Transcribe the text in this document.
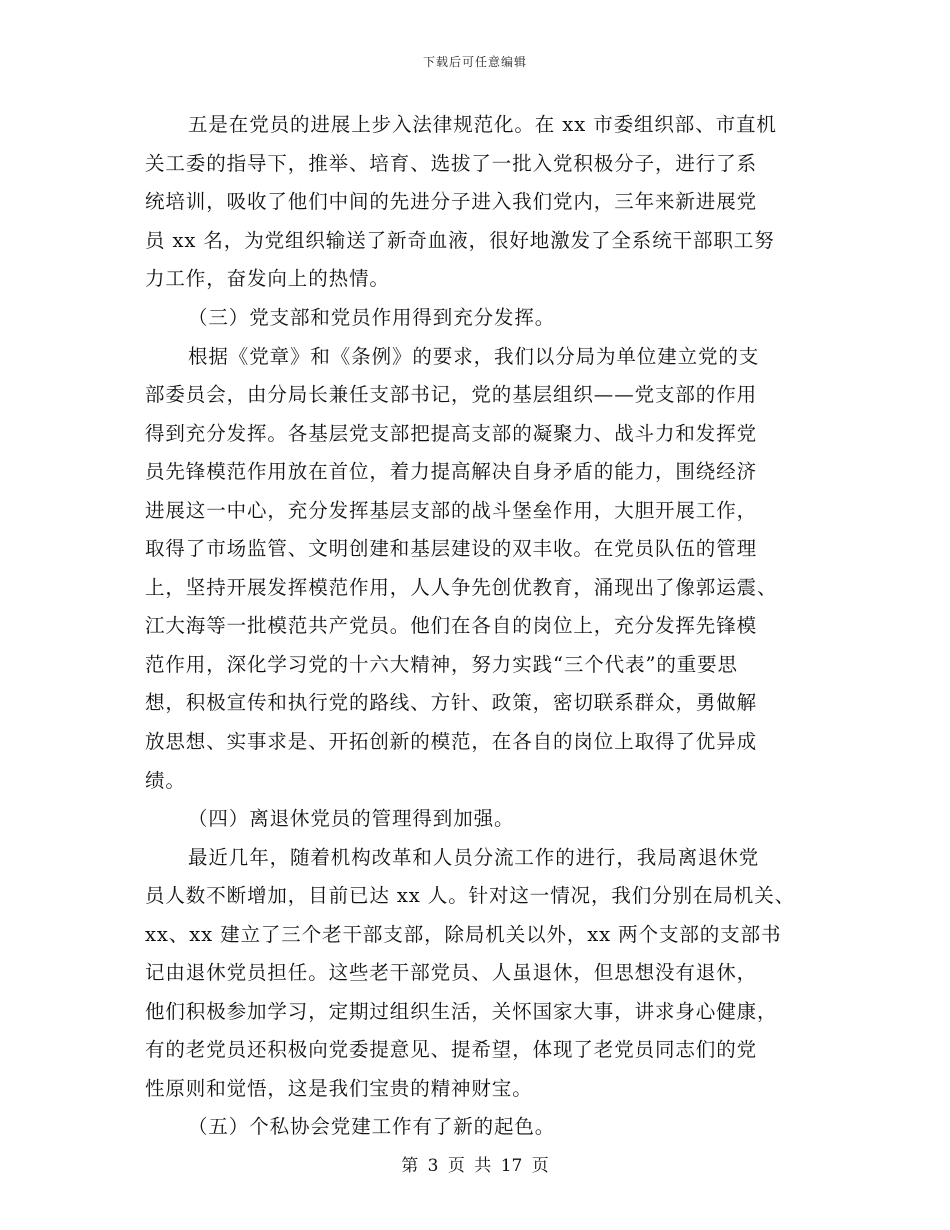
下载后可任意编辑
五是在党员的进展上步入法律规范化。在 xx 市委组织部、市直机
关工委的指导下，推举、培育、选拔了一批入党积极分子，进行了系
统培训，吸收了他们中间的先进分子进入我们党内，三年来新进展党
员 xx 名，为党组织输送了新奇血液，很好地激发了全系统干部职工努
力工作，奋发向上的热情。
（三）党支部和党员作用得到充分发挥。
根据《党章》和《条例》的要求，我们以分局为单位建立党的支
部委员会，由分局长兼任支部书记，党的基层组织——党支部的作用
得到充分发挥。各基层党支部把提高支部的凝聚力、战斗力和发挥党
员先锋模范作用放在首位，着力提高解决自身矛盾的能力，围绕经济
进展这一中心，充分发挥基层支部的战斗堡垒作用，大胆开展工作，
取得了市场监管、文明创建和基层建设的双丰收。在党员队伍的管理
上，坚持开展发挥模范作用，人人争先创优教育，涌现出了像郭运震、
江大海等一批模范共产党员。他们在各自的岗位上，充分发挥先锋模
范作用，深化学习党的十六大精神，努力实践“三个代表”的重要思
想，积极宣传和执行党的路线、方针、政策，密切联系群众，勇做解
放思想、实事求是、开拓创新的模范，在各自的岗位上取得了优异成
绩。
（四）离退休党员的管理得到加强。
最近几年，随着机构改革和人员分流工作的进行，我局离退休党
员人数不断增加，目前已达 xx 人。针对这一情况，我们分别在局机关、
xx、xx 建立了三个老干部支部，除局机关以外，xx 两个支部的支部书
记由退休党员担任。这些老干部党员、人虽退休，但思想没有退休，
他们积极参加学习，定期过组织生活，关怀国家大事，讲求身心健康，
有的老党员还积极向党委提意见、提希望，体现了老党员同志们的党
性原则和觉悟，这是我们宝贵的精神财宝。
（五）个私协会党建工作有了新的起色。
第 3 页 共 17 页
